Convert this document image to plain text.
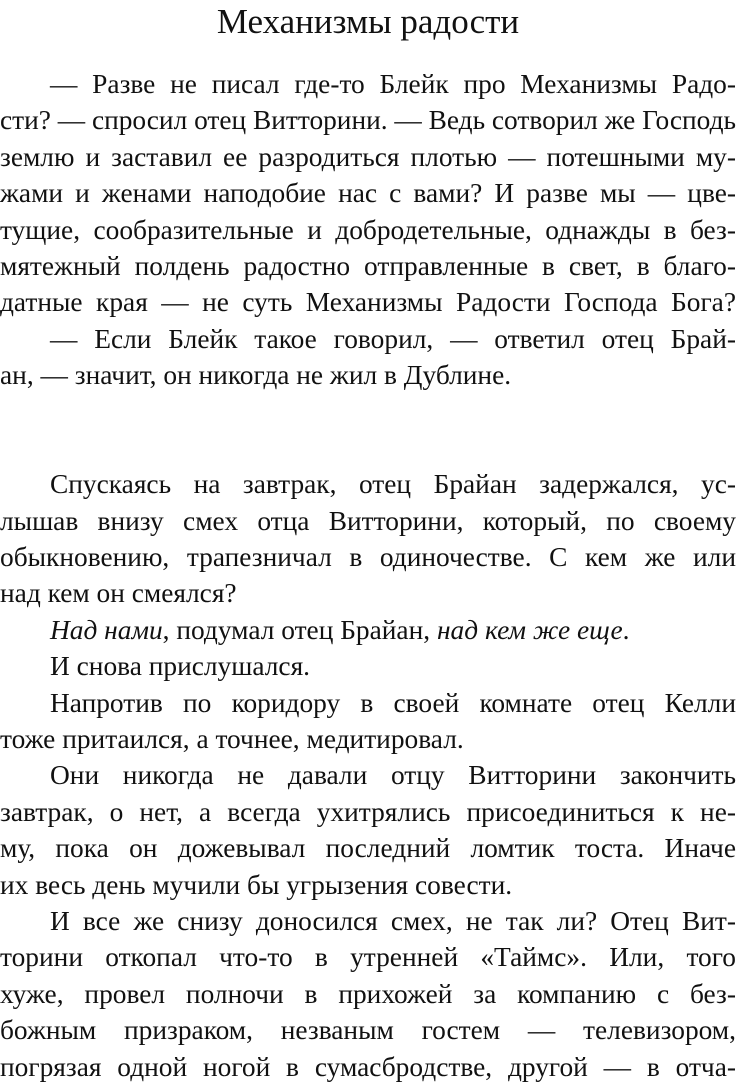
Механизмы радости
— Разве не писал где-то Блейк про Механизмы Радо-
сти? — спросил отец Витторини. — Ведь сотворил же Господь
землю и заставил ее разродиться плотью — потешными му-
жами и женами наподобие нас с вами? И разве мы — цве-
тущие, сообразительные и добродетельные, однажды в без-
мятежный полдень радостно отправленные в свет, в благо-
датные края — не суть Механизмы Радости Господа Бога?
— Если Блейк такое говорил, — ответил отец Брай-
ан, — значит, он никогда не жил в Дублине.
Спускаясь на завтрак, отец Брайан задержался, ус-
лышав внизу смех отца Витторини, который, по своему
обыкновению, трапезничал в одиночестве. С кем же или
над кем он смеялся?
Над нами, подумал отец Брайан, над кем же еще.
И снова прислушался.
Напротив по коридору в своей комнате отец Келли
тоже притаился, а точнее, медитировал.
Они никогда не давали отцу Витторини закончить
завтрак, о нет, а всегда ухитрялись присоединиться к не-
му, пока он дожевывал последний ломтик тоста. Иначе
их весь день мучили бы угрызения совести.
И все же снизу доносился смех, не так ли? Отец Вит-
торини откопал что-то в утренней «Таймс». Или, того
хуже, провел полночи в прихожей за компанию с без-
божным призраком, незваным гостем — телевизором,
погрязая одной ногой в сумасбродстве, другой — в отча-
